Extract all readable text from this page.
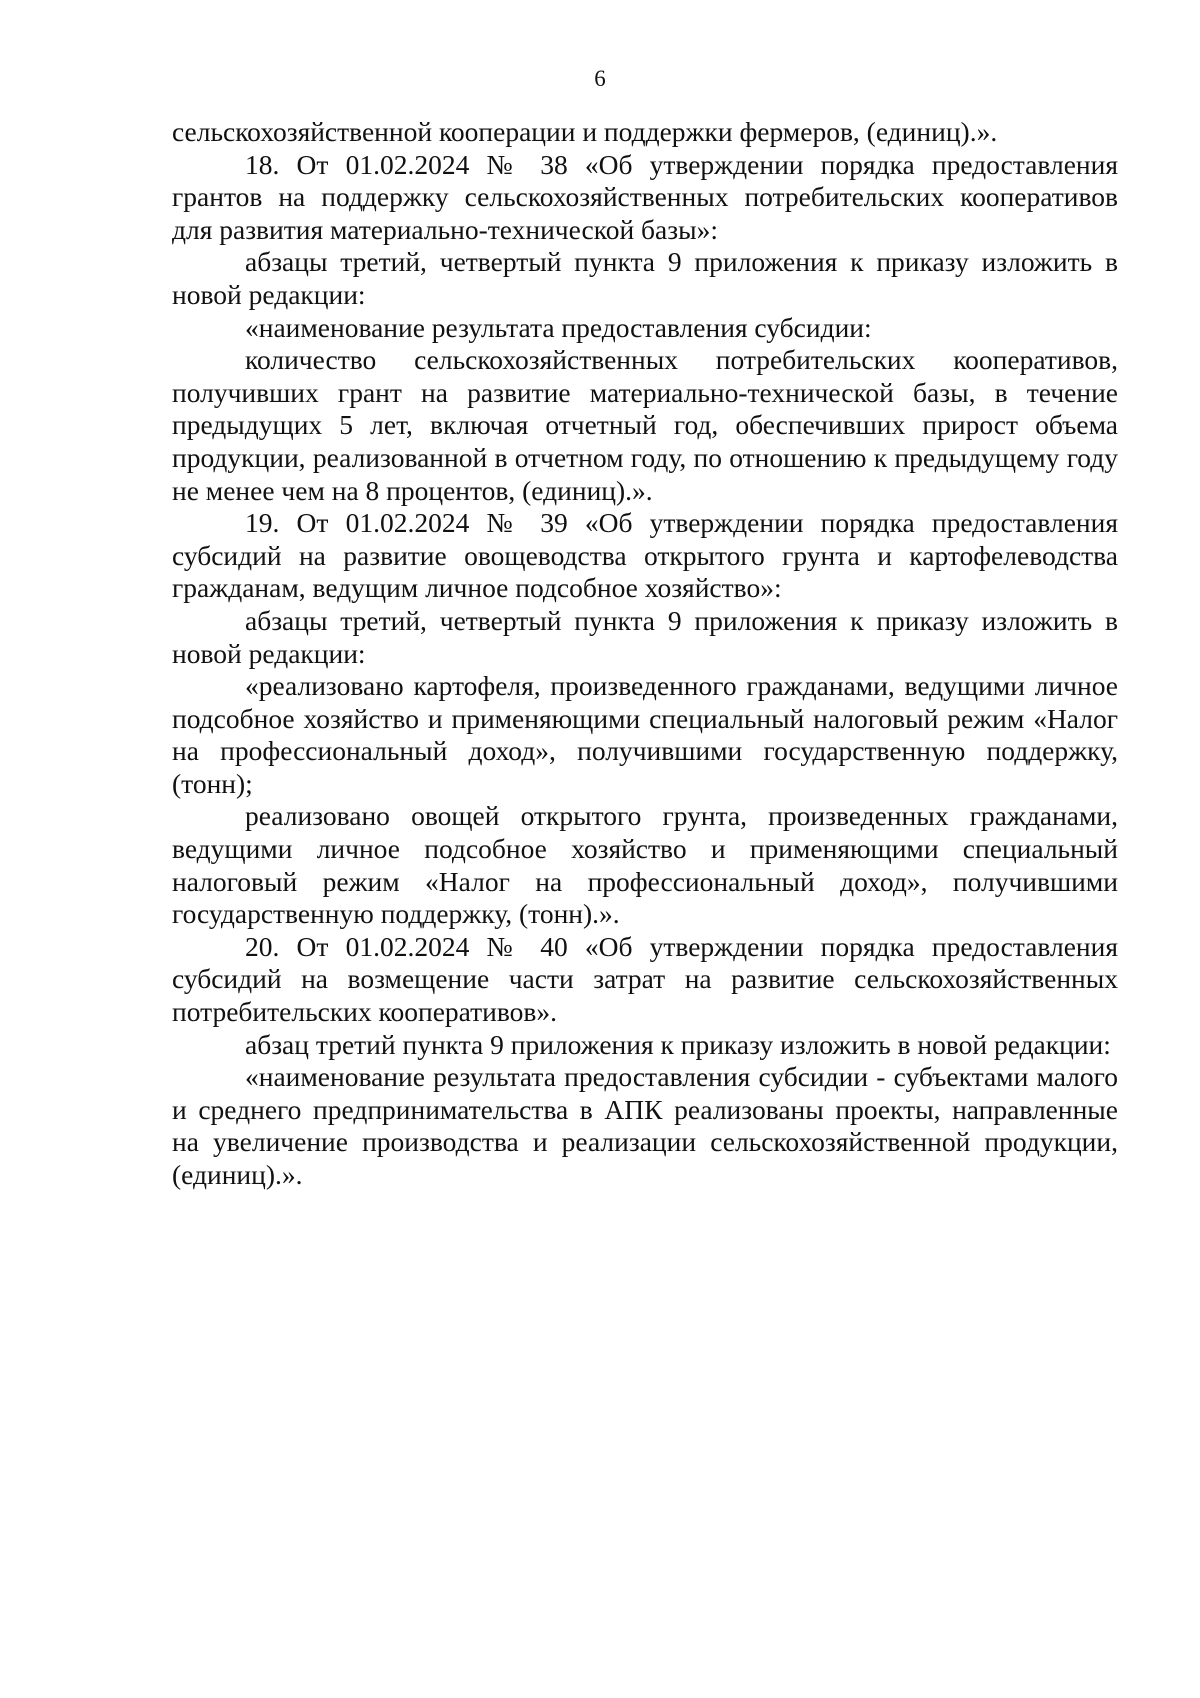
6

сельскохозяйственной кооперации и поддержки фермеров, (единиц).».

18. От 01.02.2024 № 38 «Об утверждении порядка предоставления грантов на поддержку сельскохозяйственных потребительских кооперативов для развития материально-технической базы»:

абзацы третий, четвертый пункта 9 приложения к приказу изложить в новой редакции:

«наименование результата предоставления субсидии:

количество сельскохозяйственных потребительских кооперативов, получивших грант на развитие материально-технической базы, в течение предыдущих 5 лет, включая отчетный год, обеспечивших прирост объема продукции, реализованной в отчетном году, по отношению к предыдущему году не менее чем на 8 процентов, (единиц).».

19. От 01.02.2024 № 39 «Об утверждении порядка предоставления субсидий на развитие овощеводства открытого грунта и картофелеводства гражданам, ведущим личное подсобное хозяйство»:

абзацы третий, четвертый пункта 9 приложения к приказу изложить в новой редакции:

«реализовано картофеля, произведенного гражданами, ведущими личное подсобное хозяйство и применяющими специальный налоговый режим «Налог на профессиональный доход», получившими государственную поддержку, (тонн);

реализовано овощей открытого грунта, произведенных гражданами, ведущими личное подсобное хозяйство и применяющими специальный налоговый режим «Налог на профессиональный доход», получившими государственную поддержку, (тонн).».

20. От 01.02.2024 № 40 «Об утверждении порядка предоставления субсидий на возмещение части затрат на развитие сельскохозяйственных потребительских кооперативов».

абзац третий пункта 9 приложения к приказу изложить в новой редакции:

«наименование результата предоставления субсидии - субъектами малого и среднего предпринимательства в АПК реализованы проекты, направленные на увеличение производства и реализации сельскохозяйственной продукции, (единиц).».
